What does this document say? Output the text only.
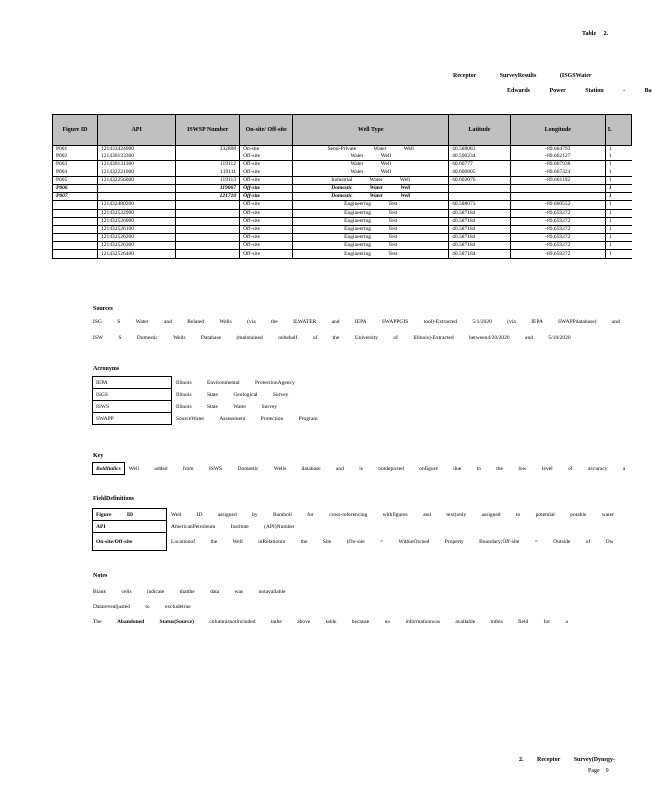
Table 2.
Receptor	SurveyResults	(ISGSWater
Edwards	Power	Station	-	Ba
Figure ID	API	ISWSP Number	On-site/ Off-site	Well Type	Latitude	Longitude	L
P001	121433424000	332808	On-site	Semi-Private Water Well	40.588081	-89.664793	1
P002	121430133300		Off-site	Water Well	40.590234	-89.662127	1
P003	121430131300	119112	Off-site	Water Well	40.60777	-89.667938	1
P004	121432221000	119111	Off-site	Water Well	40.600805	-89.667324	1
P005	121432256000	119113	Off-site	Industrial Water Well	40.602076	-89.661192	1
P006		119067	Off-site	Domestic Water Well			1
P007		121710	Off-site	Domestic Water Well			1
	121432480200		Off-site	Engineering Test	40.588073	-89.660552	1
	121432522900		Off-site	Engineering Test	40.587184	-89.659272	1
	121432526000		Off-site	Engineering Test	40.587184	-89.659272	1
	121432526100		Off-site	Engineering Test	40.587184	-89.659272	1
	121432526200		Off-site	Engineering Test	40.587184	-89.659272	1
	121432526300		Off-site	Engineering Test	40.587184	-89.659272	1
	121432526400		Off-site	Engineering Test	40.587184	-89.659272	1
Sources
ISG S Water and Related Wells (via the ILWATER and IEPA SWAPPGIS tool)-Extracted 5/1/2020 (via IEPA SWAPPdatabase) and
ISW S Domestic Wells Database (maintained onbehalf of the University of Illinois)-Extracted between4/20/2020 and 5/18/2020
Acronyms
IEPA	Illinois Environmental ProtectionAgency
ISGS	Illinois State Geological Survey
ISWS	Illinois State Water Survey
SWAPP	SourceWater Assessment Protection Program
Key
BoldItalics	Well added from ISWS Domestic Wells database and is notdepicted onfigure due to the low level of accuracy a
FieldDefinitions
Figure ID	Well ID assigned by Ramboll for cross-referencing withfigures and text(only assigned to potential potable water
API	AmericanPetroleum Institute (API)Number
On-site/Off-site	Locationof the Well inRelationto the Site (On-site = WithinOwned Property Boundary;Off-site = Outside of Ow
Notes
Blank cells indicate thatthe data was notavailable
Datarevealjusted to excludetrue
The	Abandoned	Status(Source)	columnisnotincluded inthe above table because no informationwas available inthis field for a
2. Receptor Survey(Dynegy-
Page 9
